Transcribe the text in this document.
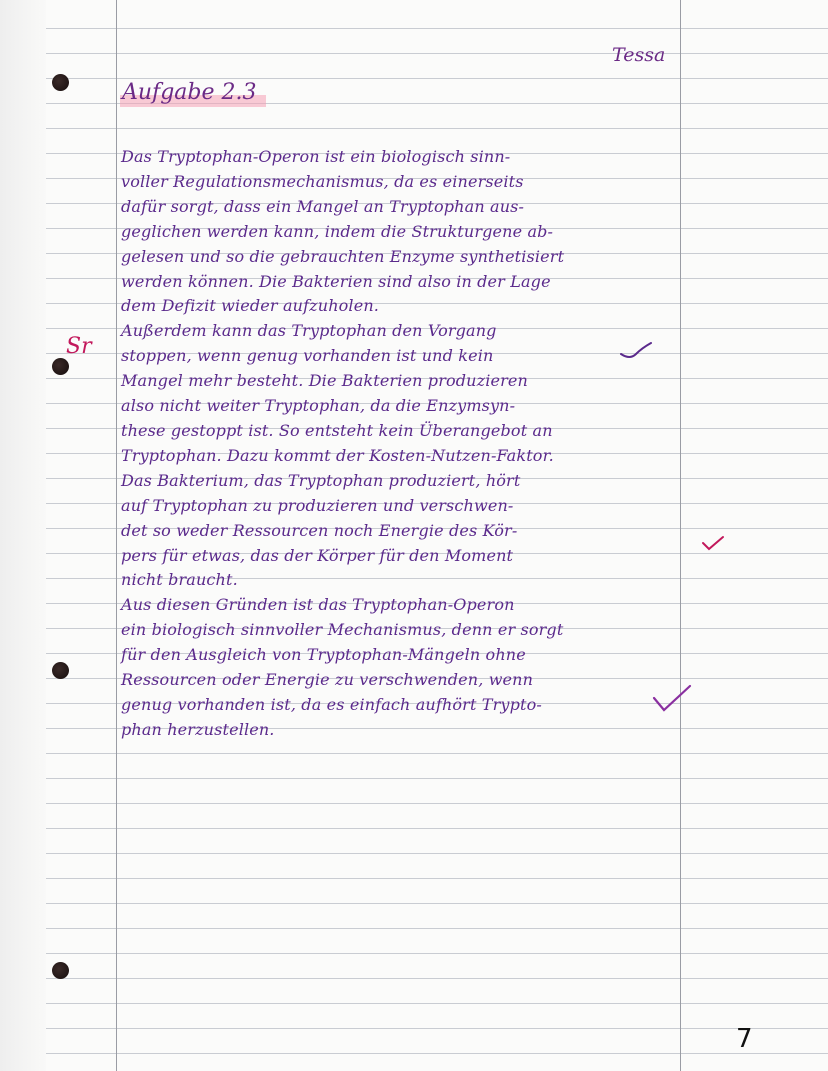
Tessa
Aufgabe 2.3
Sr
Das Tryptophan-Operon ist ein biologisch sinn-
voller Regulationsmechanismus, da es einerseits
dafür sorgt, dass ein Mangel an Tryptophan aus-
geglichen werden kann, indem die Strukturgene ab-
gelesen und so die gebrauchten Enzyme synthetisiert
werden können. Die Bakterien sind also in der Lage
dem Defizit wieder aufzuholen.
Außerdem kann das Tryptophan den Vorgang
stoppen, wenn genug vorhanden ist und kein
Mangel mehr besteht. Die Bakterien produzieren
also nicht weiter Tryptophan, da die Enzymsyn-
these gestoppt ist. So entsteht kein Überangebot an
Tryptophan. Dazu kommt der Kosten-Nutzen-Faktor.
Das Bakterium, das Tryptophan produziert, hört
auf Tryptophan zu produzieren und verschwen-
det so weder Ressourcen noch Energie des Kör-
pers für etwas, das der Körper für den Moment
nicht braucht.
Aus diesen Gründen ist das Tryptophan-Operon
ein biologisch sinnvoller Mechanismus, denn er sorgt
für den Ausgleich von Tryptophan-Mängeln ohne
Ressourcen oder Energie zu verschwenden, wenn
genug vorhanden ist, da es einfach aufhört Trypto-
phan herzustellen.
7
